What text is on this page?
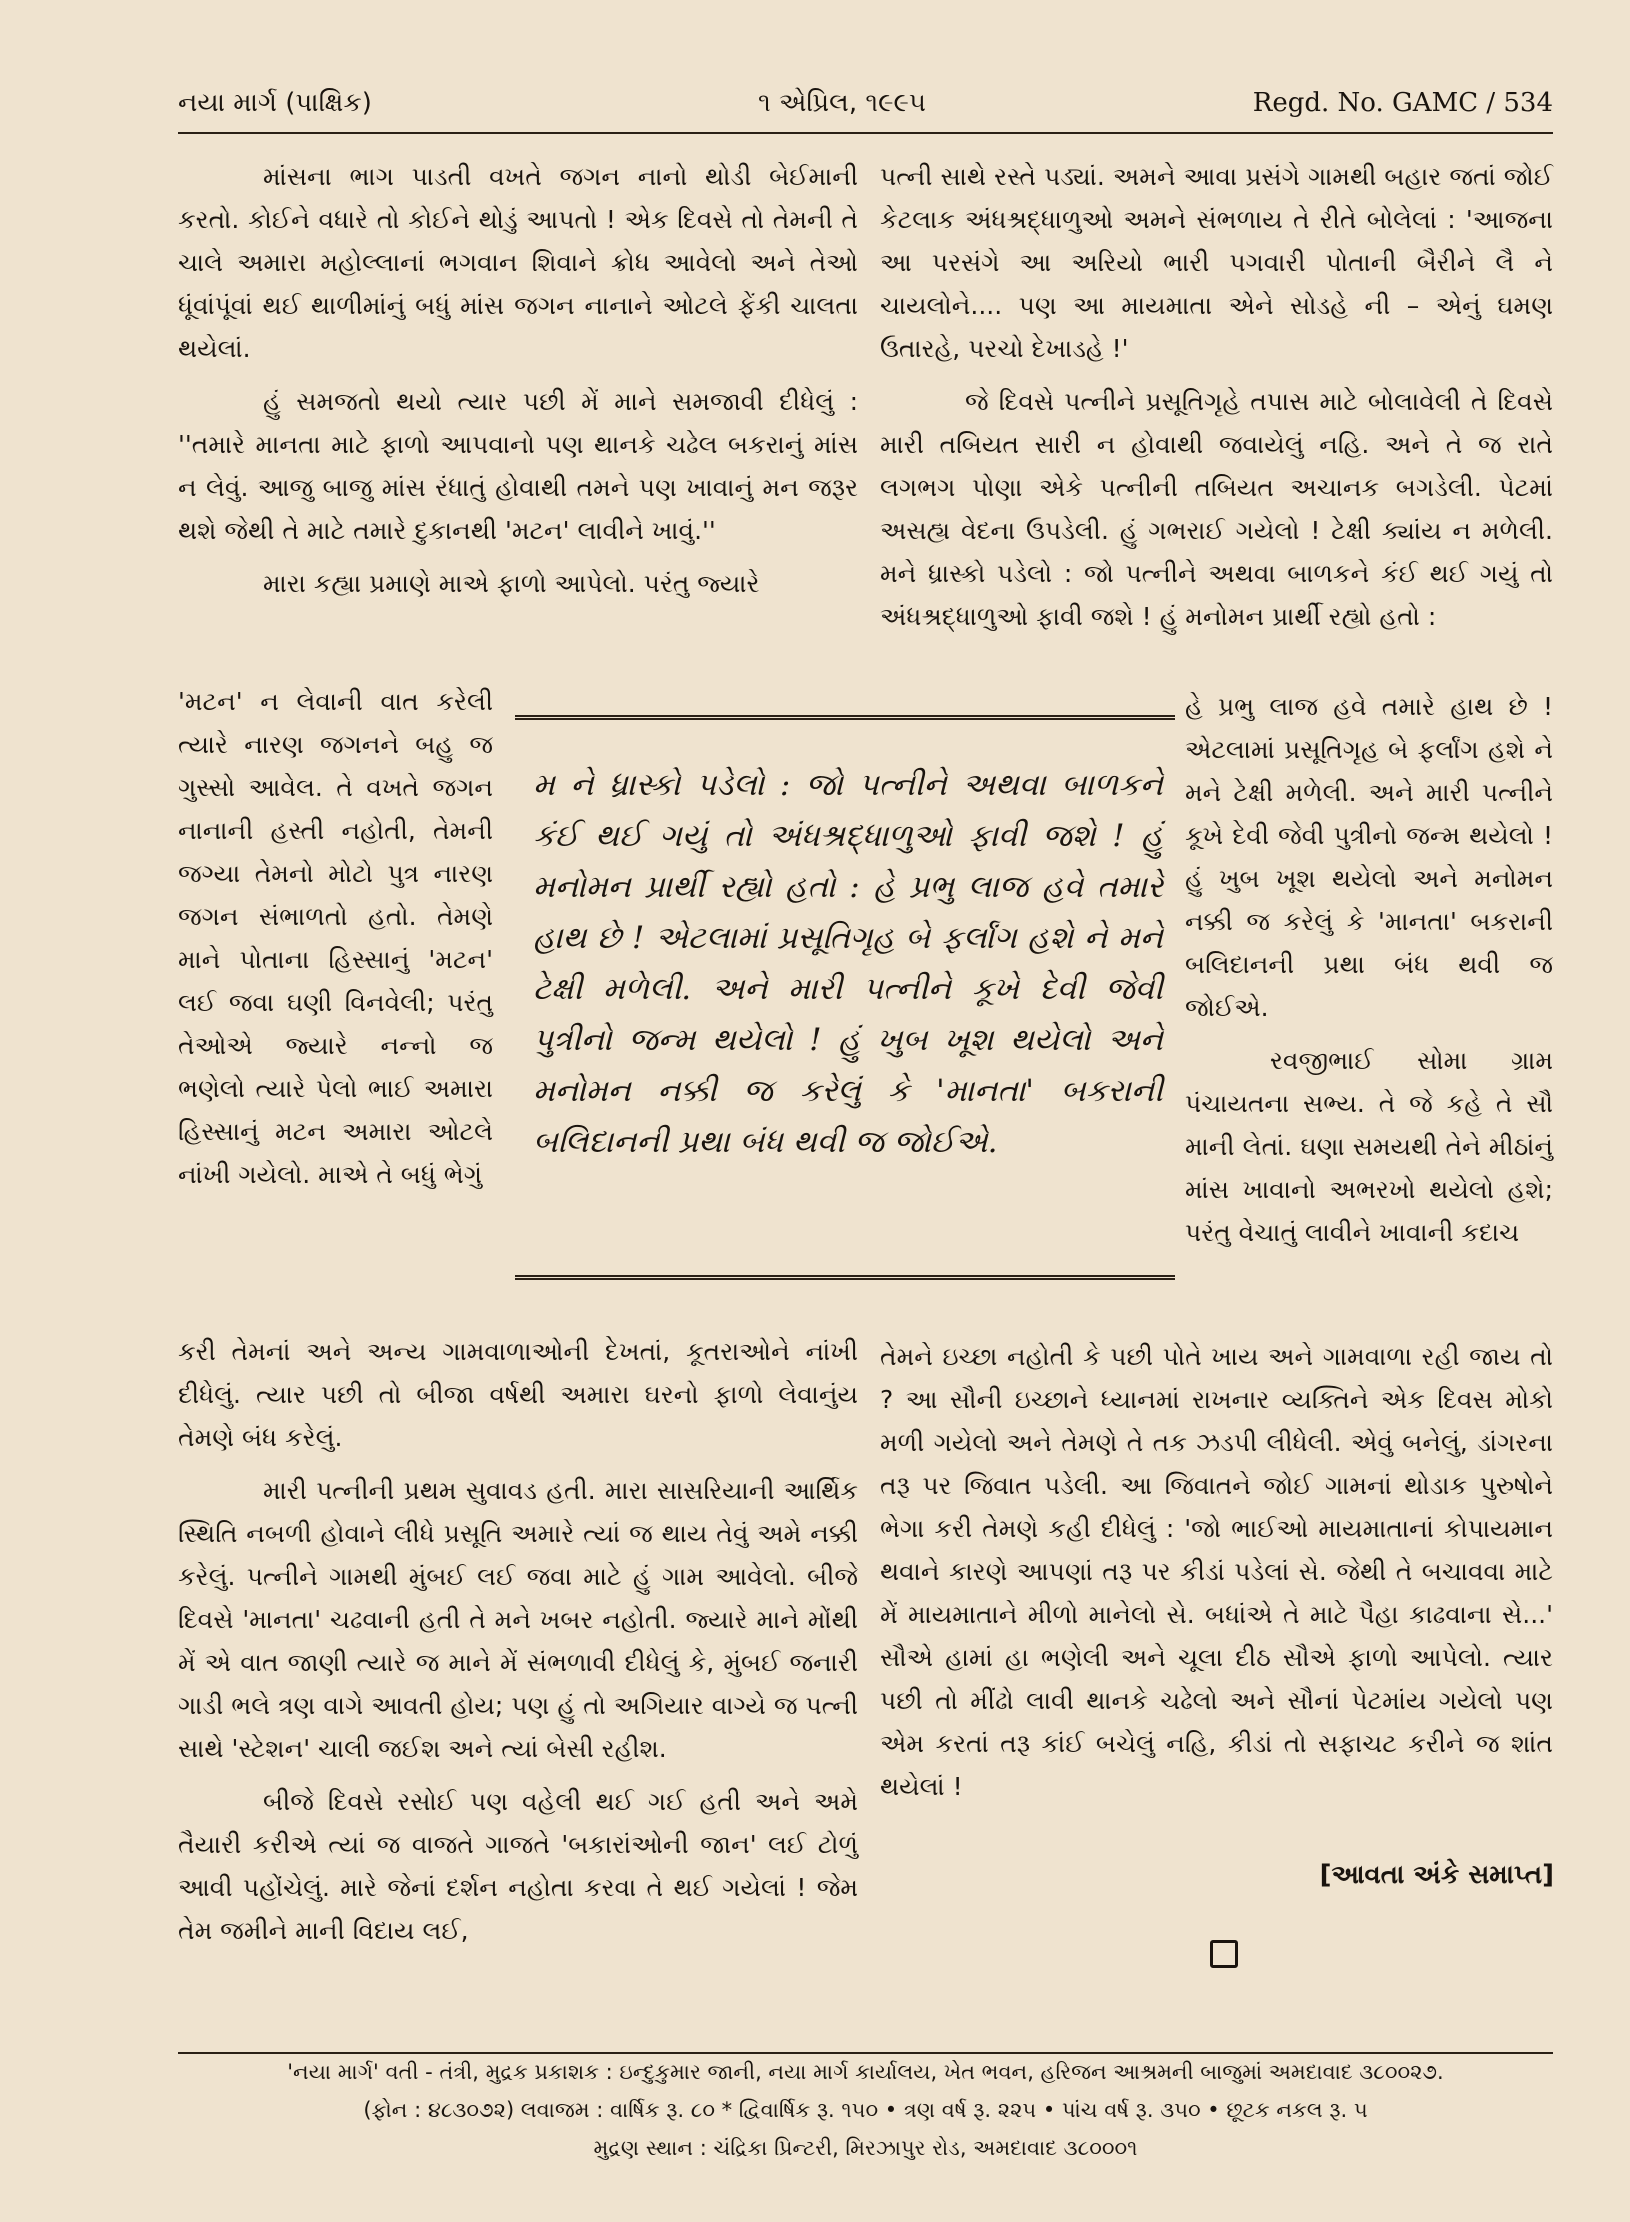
નયા માર્ગ (પાક્ષિક)	૧ એપ્રિલ, ૧૯૯૫	Regd. No. GAMC / 534

માંસના ભાગ પાડતી વખતે જગન નાનો થોડી બેઈમાની કરતો. કોઈને વધારે તો કોઈને થોડું આપતો ! એક દિવસે તો તેમની તે ચાલે અમારા મહોલ્લાનાં ભગવાન શિવાને ક્રોધ આવેલો અને તેઓ ધૂંવાંપૂંવાં થઈ થાળીમાંનું બધું માંસ જગન નાનાને ઓટલે ફેંકી ચાલતા થયેલાં.

હું સમજતો થયો ત્યાર પછી મેં માને સમજાવી દીધેલું : ''તમારે માનતા માટે ફાળો આપવાનો પણ થાનકે ચઢેલ બકરાનું માંસ ન લેવું. આજુ બાજુ માંસ રંધાતું હોવાથી તમને પણ ખાવાનું મન જરૂર થશે જેથી તે માટે તમારે દુકાનથી 'મટન' લાવીને ખાવું.''

મારા કહ્યા પ્રમાણે માએ ફાળો આપેલો. પરંતુ જ્યારે

'મટન' ન લેવાની વાત કરેલી ત્યારે નારણ જગનને બહુ જ ગુસ્સો આવેલ. તે વખતે જગન નાનાની હસ્તી નહોતી, તેમની જગ્યા તેમનો મોટો પુત્ર નારણ જગન સંભાળતો હતો. તેમણે માને પોતાના હિસ્સાનું 'મટન' લઈ જવા ઘણી વિનવેલી; પરંતુ તેઓએ જ્યારે નન્નો જ ભણેલો ત્યારે પેલો ભાઈ અમારા હિસ્સાનું મટન અમારા ઓટલે નાંખી ગયેલો. માએ તે બધું ભેગું

મ ને ધ્રાસ્કો પડેલો : જો પત્નીને અથવા બાળકને કંઈ થઈ ગયું તો અંધશ્રદ્ધાળુઓ ફાવી જશે ! હું મનોમન પ્રાર્થી રહ્યો હતો : હે પ્રભુ લાજ હવે તમારે હાથ છે ! એટલામાં પ્રસૂતિગૃહ બે ફર્લાંગ હશે ને મને ટેક્ષી મળેલી. અને મારી પત્નીને કૂખે દેવી જેવી પુત્રીનો જન્મ થયેલો ! હું ખુબ ખૂશ થયેલો અને મનોમન નક્કી જ કરેલું કે 'માનતા' બકરાની બલિદાનની પ્રથા બંધ થવી જ જોઈએ.

કરી તેમનાં અને અન્ય ગામવાળાઓની દેખતાં, કૂતરાઓને નાંખી દીધેલું. ત્યાર પછી તો બીજા વર્ષથી અમારા ઘરનો ફાળો લેવાનુંય તેમણે બંધ કરેલું.

મારી પત્નીની પ્રથમ સુવાવડ હતી. મારા સાસરિયાની આર્થિક સ્થિતિ નબળી હોવાને લીધે પ્રસૂતિ અમારે ત્યાં જ થાય તેવું અમે નક્કી કરેલું. પત્નીને ગામથી મુંબઈ લઈ જવા માટે હું ગામ આવેલો. બીજે દિવસે 'માનતા' ચઢવાની હતી તે મને ખબર નહોતી. જ્યારે માને મોંથી મેં એ વાત જાણી ત્યારે જ માને મેં સંભળાવી દીધેલું કે, મુંબઈ જનારી ગાડી ભલે ત્રણ વાગે આવતી હોય; પણ હું તો અગિયાર વાગ્યે જ પત્ની સાથે 'સ્ટેશન' ચાલી જઈશ અને ત્યાં બેસી રહીશ.

બીજે દિવસે રસોઈ પણ વહેલી થઈ ગઈ હતી અને અમે તૈયારી કરીએ ત્યાં જ વાજતે ગાજતે 'બકારાંઓની જાન' લઈ ટોળું આવી પહોંચેલું. મારે જેનાં દર્શન નહોતા કરવા તે થઈ ગયેલાં ! જેમ તેમ જમીને માની વિદાય લઈ,

પત્ની સાથે રસ્તે પડ્યાં. અમને આવા પ્રસંગે ગામથી બહાર જતાં જોઈ કેટલાક અંધશ્રદ્ધાળુઓ અમને સંભળાય તે રીતે બોલેલાં : 'આજના આ પરસંગે આ અરિયો ભારી પગવારી પોતાની બૈરીને લૈ ને ચાયલોને.... પણ આ માયમાતા એને સોડહે ની – એનું ઘમણ ઉતારહે, પરચો દેખાડહે !'

જે દિવસે પત્નીને પ્રસૂતિગૃહે તપાસ માટે બોલાવેલી તે દિવસે મારી તબિયત સારી ન હોવાથી જવાયેલું નહિ. અને તે જ રાતે લગભગ પોણા એકે પત્નીની તબિયત અચાનક બગડેલી. પેટમાં અસહ્ય વેદના ઉપડેલી. હું ગભરાઈ ગયેલો ! ટેક્ષી ક્યાંય ન મળેલી. મને ધ્રાસ્કો પડેલો : જો પત્નીને અથવા બાળકને કંઈ થઈ ગયું તો અંધશ્રદ્ધાળુઓ ફાવી જશે ! હું મનોમન પ્રાર્થી રહ્યો હતો :

હે પ્રભુ લાજ હવે તમારે હાથ છે ! એટલામાં પ્રસૂતિગૃહ બે ફર્લાંગ હશે ને મને ટેક્ષી મળેલી. અને મારી પત્નીને કૂખે દેવી જેવી પુત્રીનો જન્મ થયેલો ! હું ખુબ ખૂશ થયેલો અને મનોમન નક્કી જ કરેલું કે 'માનતા' બકરાની બલિદાનની પ્રથા બંધ થવી જ જોઈએ.

રવજીભાઈ સોમા ગ્રામ પંચાયતના સભ્ય. તે જે કહે તે સૌ માની લેતાં. ઘણા સમયથી તેને મીઠાંનું માંસ ખાવાનો અભરખો થયેલો હશે; પરંતુ વેચાતું લાવીને ખાવાની કદાચ

તેમને ઇચ્છા નહોતી કે પછી પોતે ખાય અને ગામવાળા રહી જાય તો ? આ સૌની ઇચ્છાને ધ્યાનમાં રાખનાર વ્યક્તિને એક દિવસ મોકો મળી ગયેલો અને તેમણે તે તક ઝડપી લીધેલી. એવું બનેલું, ડાંગરના તરૂ પર જિવાત પડેલી. આ જિવાતને જોઈ ગામનાં થોડાક પુરુષોને ભેગા કરી તેમણે કહી દીધેલું : 'જો ભાઈઓ માયમાતાનાં કોપાયમાન થવાને કારણે આપણાં તરૂ પર કીડાં પડેલાં સે. જેથી તે બચાવવા માટે મેં માયમાતાને મીળો માનેલો સે. બધાંએ તે માટે પૈહા કાઢવાના સે...' સૌએ હામાં હા ભણેલી અને ચૂલા દીઠ સૌએ ફાળો આપેલો. ત્યાર પછી તો મીંઢો લાવી થાનકે ચઢેલો અને સૌનાં પેટમાંય ગયેલો પણ એમ કરતાં તરૂ કાંઈ બચેલું નહિ, કીડાં તો સફાચટ કરીને જ શાંત થયેલાં !

[આવતા અંકે સમાપ્ત]
'નયા માર્ગ' વતી - તંત્રી, મુદ્રક પ્રકાશક : ઇન્દુકુમાર જાની, નયા માર્ગ કાર્યાલય, ખેત ભવન, હરિજન આશ્રમની બાજુમાં અમદાવાદ ૩૮૦૦૨૭.
(ફોન : ૪૮૩૦૭૨) લવાજમ : વાર્ષિક રૂ. ૮૦ * દ્વિવાર્ષિક રૂ. ૧૫૦ • ત્રણ વર્ષ રૂ. ૨૨૫ • પાંચ વર્ષ રૂ. ૩૫૦ • છૂટક નકલ રૂ. ૫
મુદ્રણ સ્થાન : ચંદ્રિકા પ્રિન્ટરી, મિરઝાપુર રોડ, અમદાવાદ ૩૮૦૦૦૧
